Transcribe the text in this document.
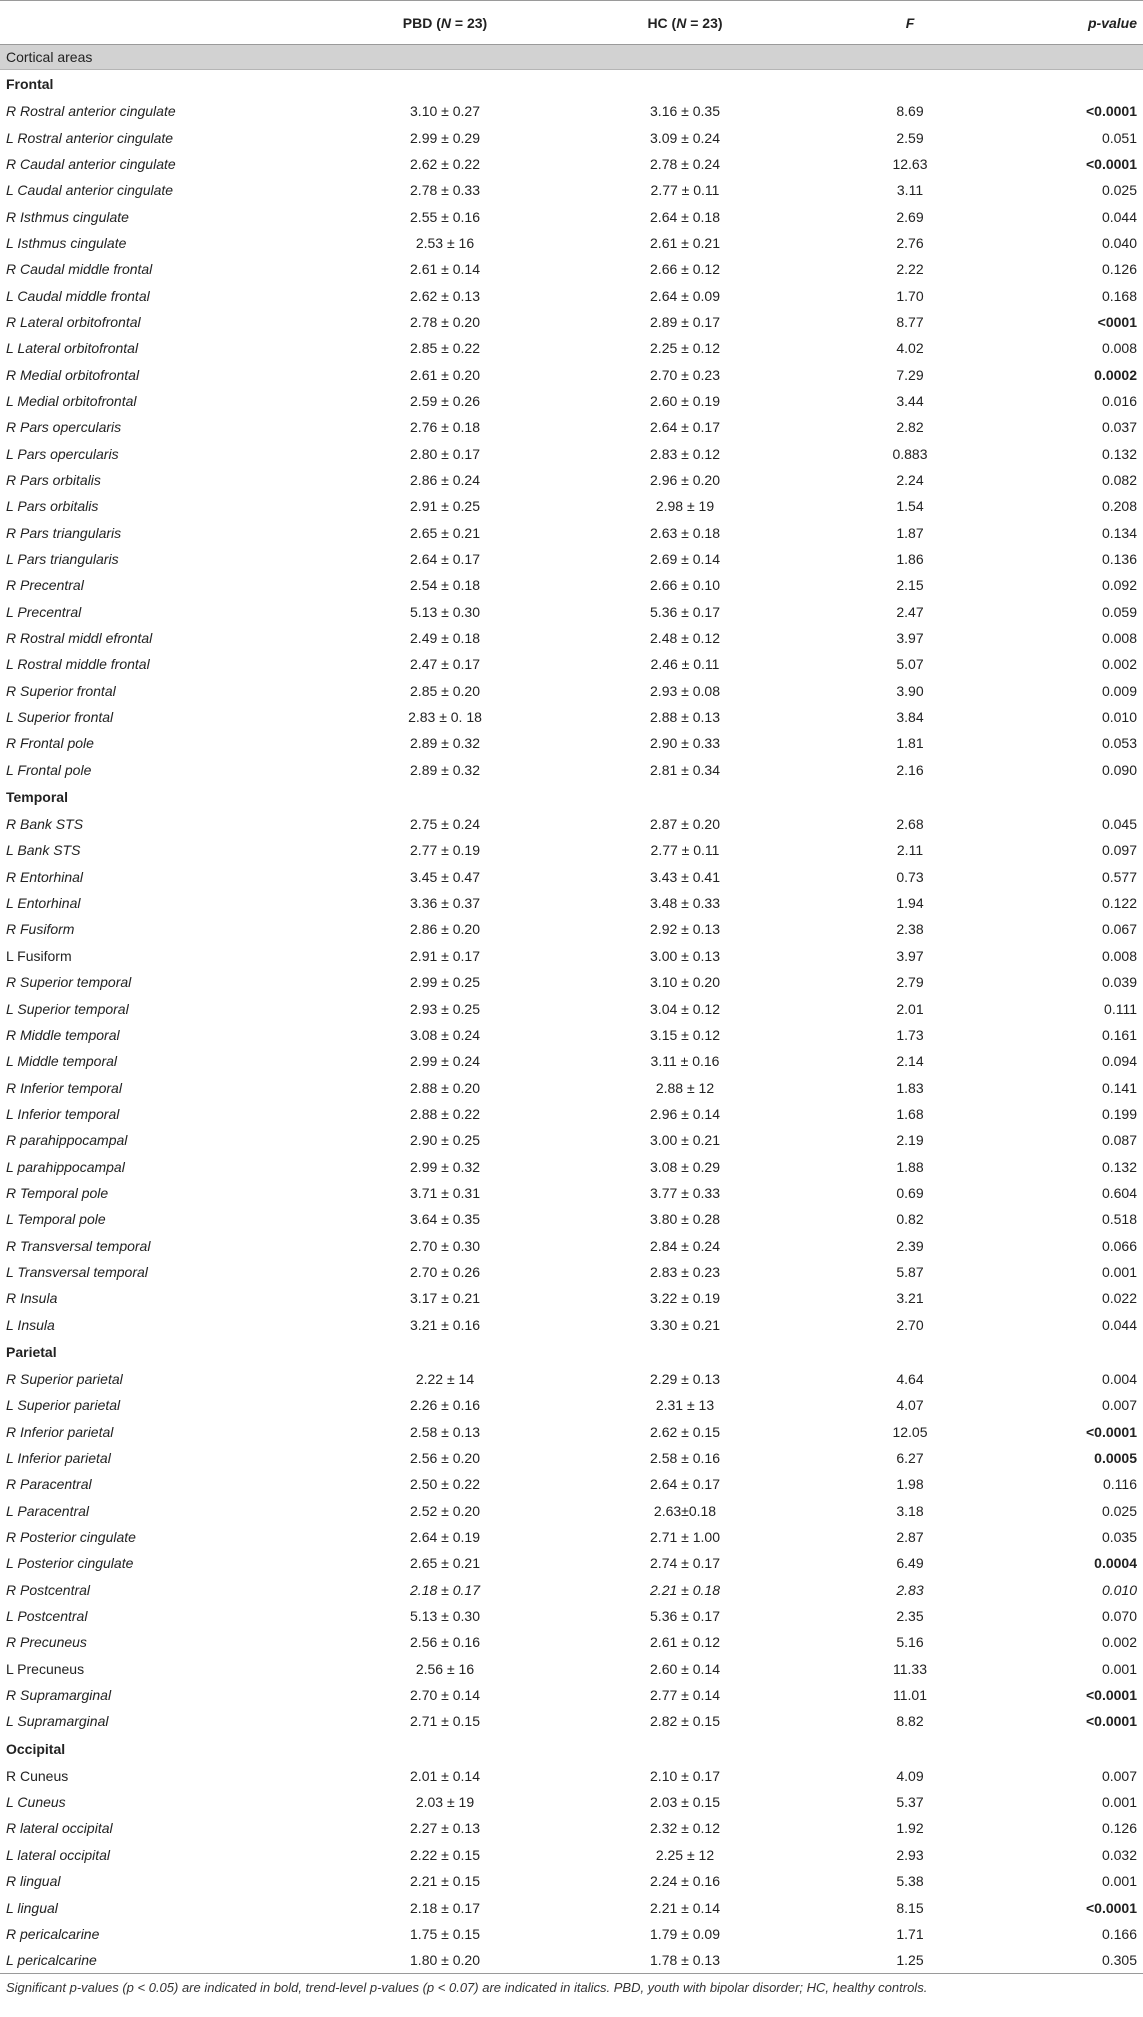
	PBD (N = 23)	HC (N = 23)	F	p-value
Cortical areas				
Frontal				
R Rostral anterior cingulate	3.10 ± 0.27	3.16 ± 0.35	8.69	<0.0001
L Rostral anterior cingulate	2.99 ± 0.29	3.09 ± 0.24	2.59	0.051
R Caudal anterior cingulate	2.62 ± 0.22	2.78 ± 0.24	12.63	<0.0001
L Caudal anterior cingulate	2.78 ± 0.33	2.77 ± 0.11	3.11	0.025
R Isthmus cingulate	2.55 ± 0.16	2.64 ± 0.18	2.69	0.044
L Isthmus cingulate	2.53 ± 16	2.61 ± 0.21	2.76	0.040
R Caudal middle frontal	2.61 ± 0.14	2.66 ± 0.12	2.22	0.126
L Caudal middle frontal	2.62 ± 0.13	2.64 ± 0.09	1.70	0.168
R Lateral orbitofrontal	2.78 ± 0.20	2.89 ± 0.17	8.77	<0001
L Lateral orbitofrontal	2.85 ± 0.22	2.25 ± 0.12	4.02	0.008
R Medial orbitofrontal	2.61 ± 0.20	2.70 ± 0.23	7.29	0.0002
L Medial orbitofrontal	2.59 ± 0.26	2.60 ± 0.19	3.44	0.016
R Pars opercularis	2.76 ± 0.18	2.64 ± 0.17	2.82	0.037
L Pars opercularis	2.80 ± 0.17	2.83 ± 0.12	0.883	0.132
R Pars orbitalis	2.86 ± 0.24	2.96 ± 0.20	2.24	0.082
L Pars orbitalis	2.91 ± 0.25	2.98 ± 19	1.54	0.208
R Pars triangularis	2.65 ± 0.21	2.63 ± 0.18	1.87	0.134
L Pars triangularis	2.64 ± 0.17	2.69 ± 0.14	1.86	0.136
R Precentral	2.54 ± 0.18	2.66 ± 0.10	2.15	0.092
L Precentral	5.13 ± 0.30	5.36 ± 0.17	2.47	0.059
R Rostral middl efrontal	2.49 ± 0.18	2.48 ± 0.12	3.97	0.008
L Rostral middle frontal	2.47 ± 0.17	2.46 ± 0.11	5.07	0.002
R Superior frontal	2.85 ± 0.20	2.93 ± 0.08	3.90	0.009
L Superior frontal	2.83 ± 0. 18	2.88 ± 0.13	3.84	0.010
R Frontal pole	2.89 ± 0.32	2.90 ± 0.33	1.81	0.053
L Frontal pole	2.89 ± 0.32	2.81 ± 0.34	2.16	0.090
Temporal				
R Bank STS	2.75 ± 0.24	2.87 ± 0.20	2.68	0.045
L Bank STS	2.77 ± 0.19	2.77 ± 0.11	2.11	0.097
R Entorhinal	3.45 ± 0.47	3.43 ± 0.41	0.73	0.577
L Entorhinal	3.36 ± 0.37	3.48 ± 0.33	1.94	0.122
R Fusiform	2.86 ± 0.20	2.92 ± 0.13	2.38	0.067
L Fusiform	2.91 ± 0.17	3.00 ± 0.13	3.97	0.008
R Superior temporal	2.99 ± 0.25	3.10 ± 0.20	2.79	0.039
L Superior temporal	2.93 ± 0.25	3.04 ± 0.12	2.01	0.111
R Middle temporal	3.08 ± 0.24	3.15 ± 0.12	1.73	0.161
L Middle temporal	2.99 ± 0.24	3.11 ± 0.16	2.14	0.094
R Inferior temporal	2.88 ± 0.20	2.88 ± 12	1.83	0.141
L Inferior temporal	2.88 ± 0.22	2.96 ± 0.14	1.68	0.199
R parahippocampal	2.90 ± 0.25	3.00 ± 0.21	2.19	0.087
L parahippocampal	2.99 ± 0.32	3.08 ± 0.29	1.88	0.132
R Temporal pole	3.71 ± 0.31	3.77 ± 0.33	0.69	0.604
L Temporal pole	3.64 ± 0.35	3.80 ± 0.28	0.82	0.518
R Transversal temporal	2.70 ± 0.30	2.84 ± 0.24	2.39	0.066
L Transversal temporal	2.70 ± 0.26	2.83 ± 0.23	5.87	0.001
R Insula	3.17 ± 0.21	3.22 ± 0.19	3.21	0.022
L Insula	3.21 ± 0.16	3.30 ± 0.21	2.70	0.044
Parietal				
R Superior parietal	2.22 ± 14	2.29 ± 0.13	4.64	0.004
L Superior parietal	2.26 ± 0.16	2.31 ± 13	4.07	0.007
R Inferior parietal	2.58 ± 0.13	2.62 ± 0.15	12.05	<0.0001
L Inferior parietal	2.56 ± 0.20	2.58 ± 0.16	6.27	0.0005
R Paracentral	2.50 ± 0.22	2.64 ± 0.17	1.98	0.116
L Paracentral	2.52 ± 0.20	2.63±0.18	3.18	0.025
R Posterior cingulate	2.64 ± 0.19	2.71 ± 1.00	2.87	0.035
L Posterior cingulate	2.65 ± 0.21	2.74 ± 0.17	6.49	0.0004
R Postcentral	2.18 ± 0.17	2.21 ± 0.18	2.83	0.010
L Postcentral	5.13 ± 0.30	5.36 ± 0.17	2.35	0.070
R Precuneus	2.56 ± 0.16	2.61 ± 0.12	5.16	0.002
L Precuneus	2.56 ± 16	2.60 ± 0.14	11.33	0.001
R Supramarginal	2.70 ± 0.14	2.77 ± 0.14	11.01	<0.0001
L Supramarginal	2.71 ± 0.15	2.82 ± 0.15	8.82	<0.0001
Occipital				
R Cuneus	2.01 ± 0.14	2.10 ± 0.17	4.09	0.007
L Cuneus	2.03 ± 19	2.03 ± 0.15	5.37	0.001
R lateral occipital	2.27 ± 0.13	2.32 ± 0.12	1.92	0.126
L lateral occipital	2.22 ± 0.15	2.25 ± 12	2.93	0.032
R lingual	2.21 ± 0.15	2.24 ± 0.16	5.38	0.001
L lingual	2.18 ± 0.17	2.21 ± 0.14	8.15	<0.0001
R pericalcarine	1.75 ± 0.15	1.79 ± 0.09	1.71	0.166
L pericalcarine	1.80 ± 0.20	1.78 ± 0.13	1.25	0.305
Significant p-values (p < 0.05) are indicated in bold, trend-level p-values (p < 0.07) are indicated in italics. PBD, youth with bipolar disorder; HC, healthy controls.
